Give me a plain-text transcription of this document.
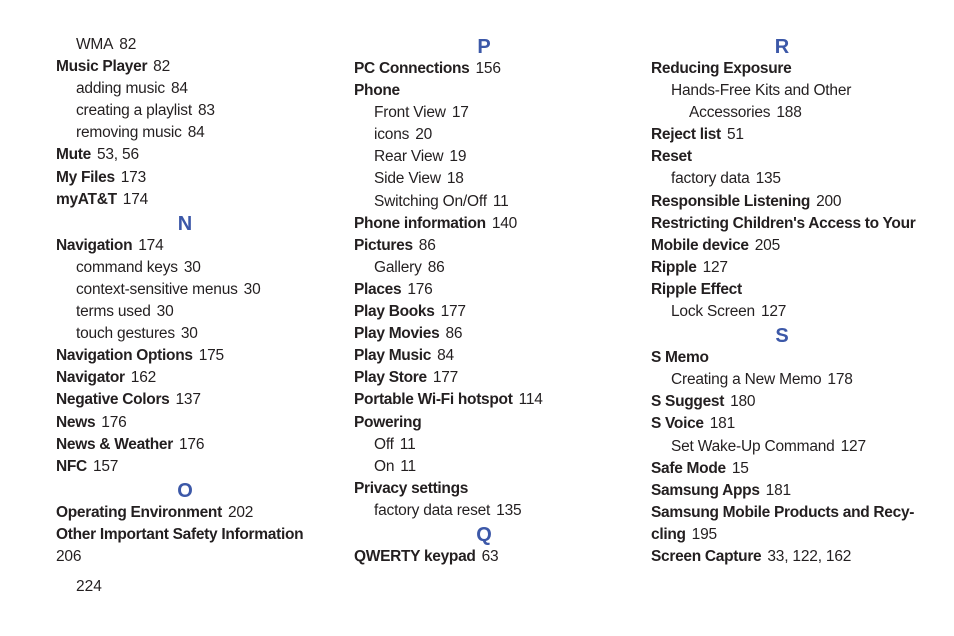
WMA 82
Music Player 82
adding music 84
creating a playlist 83
removing music 84
Mute 53, 56
My Files 173
myAT&T 174
N
Navigation 174
command keys 30
context-sensitive menus 30
terms used 30
touch gestures 30
Navigation Options 175
Navigator 162
Negative Colors 137
News 176
News & Weather 176
NFC 157
O
Operating Environment 202
Other Important Safety Information
206
P
PC Connections 156
Phone
Front View 17
icons 20
Rear View 19
Side View 18
Switching On/Off 11
Phone information 140
Pictures 86
Gallery 86
Places 176
Play Books 177
Play Movies 86
Play Music 84
Play Store 177
Portable Wi-Fi hotspot 114
Powering
Off 11
On 11
Privacy settings
factory data reset 135
Q
QWERTY keypad 63
R
Reducing Exposure
Hands-Free Kits and Other
Accessories 188
Reject list 51
Reset
factory data 135
Responsible Listening 200
Restricting Children's Access to Your
Mobile device 205
Ripple 127
Ripple Effect
Lock Screen 127
S
S Memo
Creating a New Memo 178
S Suggest 180
S Voice 181
Set Wake-Up Command 127
Safe Mode 15
Samsung Apps 181
Samsung Mobile Products and Recy-
cling 195
Screen Capture 33, 122, 162
224
